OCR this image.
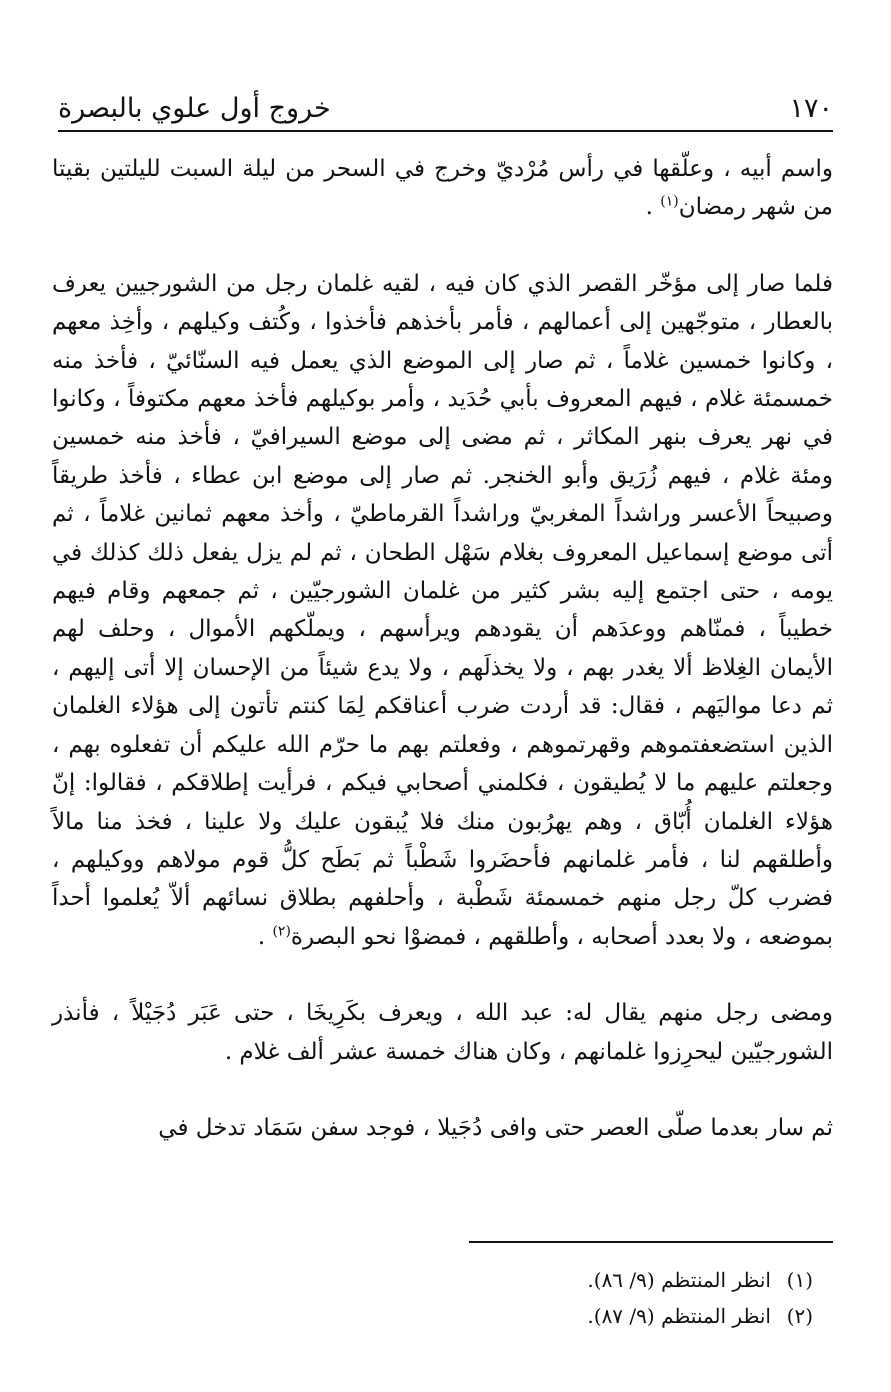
١٧٠
خروج أول علوي بالبصرة

واسم أبيه ، وعلّقها في رأس مُرْديّ وخرج في السحر من ليلة السبت لليلتين بقيتا من شهر رمضان$^{(١)}$ .

فلما صار إلى مؤخّر القصر الذي كان فيه ، لقيه غلمان رجل من الشورجيين يعرف بالعطار ، متوجّهين إلى أعمالهم ، فأمر بأخذهم فأخذوا ، وكُتف وكيلهم ، وأخِذ معهم ، وكانوا خمسين غلاماً ، ثم صار إلى الموضع الذي يعمل فيه السنّائيّ ، فأخذ منه خمسمئة غلام ، فيهم المعروف بأبي حُدَيد ، وأمر بوكيلهم فأخذ معهم مكتوفاً ، وكانوا في نهر يعرف بنهر المكاثر ، ثم مضى إلى موضع السيرافيّ ، فأخذ منه خمسين ومئة غلام ، فيهم زُرَيق وأبو الخنجر. ثم صار إلى موضع ابن عطاء ، فأخذ طريقاً وصبيحاً الأعسر وراشداً المغربيّ وراشداً القرماطيّ ، وأخذ معهم ثمانين غلاماً ، ثم أتى موضع إسماعيل المعروف بغلام سَهْل الطحان ، ثم لم يزل يفعل ذلك كذلك في يومه ، حتى اجتمع إليه بشر كثير من غلمان الشورجيّين ، ثم جمعهم وقام فيهم خطيباً ، فمنّاهم ووعدَهم أن يقودهم ويرأسهم ، ويملّكهم الأموال ، وحلف لهم الأيمان الغِلاظ ألا يغدر بهم ، ولا يخذلَهم ، ولا يدع شيئاً من الإحسان إلا أتى إليهم ، ثم دعا مواليَهم ، فقال: قد أردت ضرب أعناقكم لِمَا كنتم تأتون إلى هؤلاء الغلمان الذين استضعفتموهم وقهرتموهم ، وفعلتم بهم ما حرّم الله عليكم أن تفعلوه بهم ، وجعلتم عليهم ما لا يُطيقون ، فكلمني أصحابي فيكم ، فرأيت إطلاقكم ، فقالوا: إنّ هؤلاء الغلمان أُبّاق ، وهم يهرُبون منك فلا يُبقون عليك ولا علينا ، فخذ منا مالاً وأطلقهم لنا ، فأمر غلمانهم فأحضَروا شَطْباً ثم بَطَح كلُّ قوم مولاهم ووكيلهم ، فضرب كلّ رجل منهم خمسمئة شَطْبة ، وأحلفهم بطلاق نسائهم ألاّ يُعلموا أحداً بموضعه ، ولا بعدد أصحابه ، وأطلقهم ، فمضوْا نحو البصرة$^{(٢)}$ .

ومضى رجل منهم يقال له: عبد الله ، ويعرف بكَرِيخَا ، حتى عَبَر دُجَيْلاً ، فأنذر الشورجيّين ليحرِزوا غلمانهم ، وكان هناك خمسة عشر ألف غلام .

ثم سار بعدما صلّى العصر حتى وافى دُجَيلا ، فوجد سفن سَمَاد تدخل في

(١)
انظر المنتظم (٩/ ٨٦).
(٢)
انظر المنتظم (٩/ ٨٧).
